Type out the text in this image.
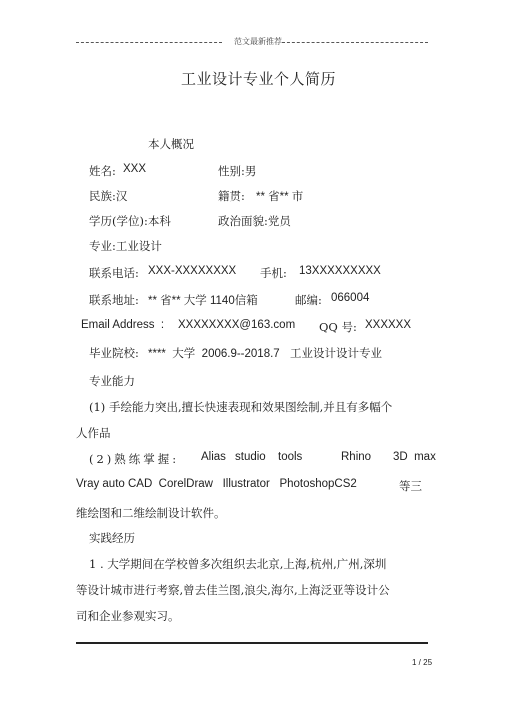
范文最新推荐
工业设计专业个人简历
本人概况
姓名: XXX	性别:男
民族:汉	籍贯: ** 省** 市
学历(学位):本科	政治面貌:党员
专业:工业设计
联系电话: XXX-XXXXXXXX 手机: 13XXXXXXXXX
联系地址: ** 省** 大学 1140信箱	邮编: 066004
Email Address  : XXXXXXXX@163.com QQ 号: XXXXXX
毕业院校: ****  大学  2006.9--2018.7 工业设计设计专业
专业能力
(1) 手绘能力突出,擅长快速表现和效果图绘制,并且有多幅个
人作品
(2)熟练掌握: Alias studio tools	Rhino 3D  max
Vray auto CAD  CorelDraw   Illustrator   PhotoshopCS2	等三
维绘图和二维绘制设计软件。
实践经历
1 . 大学期间在学校曾多次组织去北京,上海,杭州,广州,深圳
等设计城市进行考察,曾去佳兰图,浪尖,海尔,上海泛亚等设计公
司和企业参观实习。
1 / 25
